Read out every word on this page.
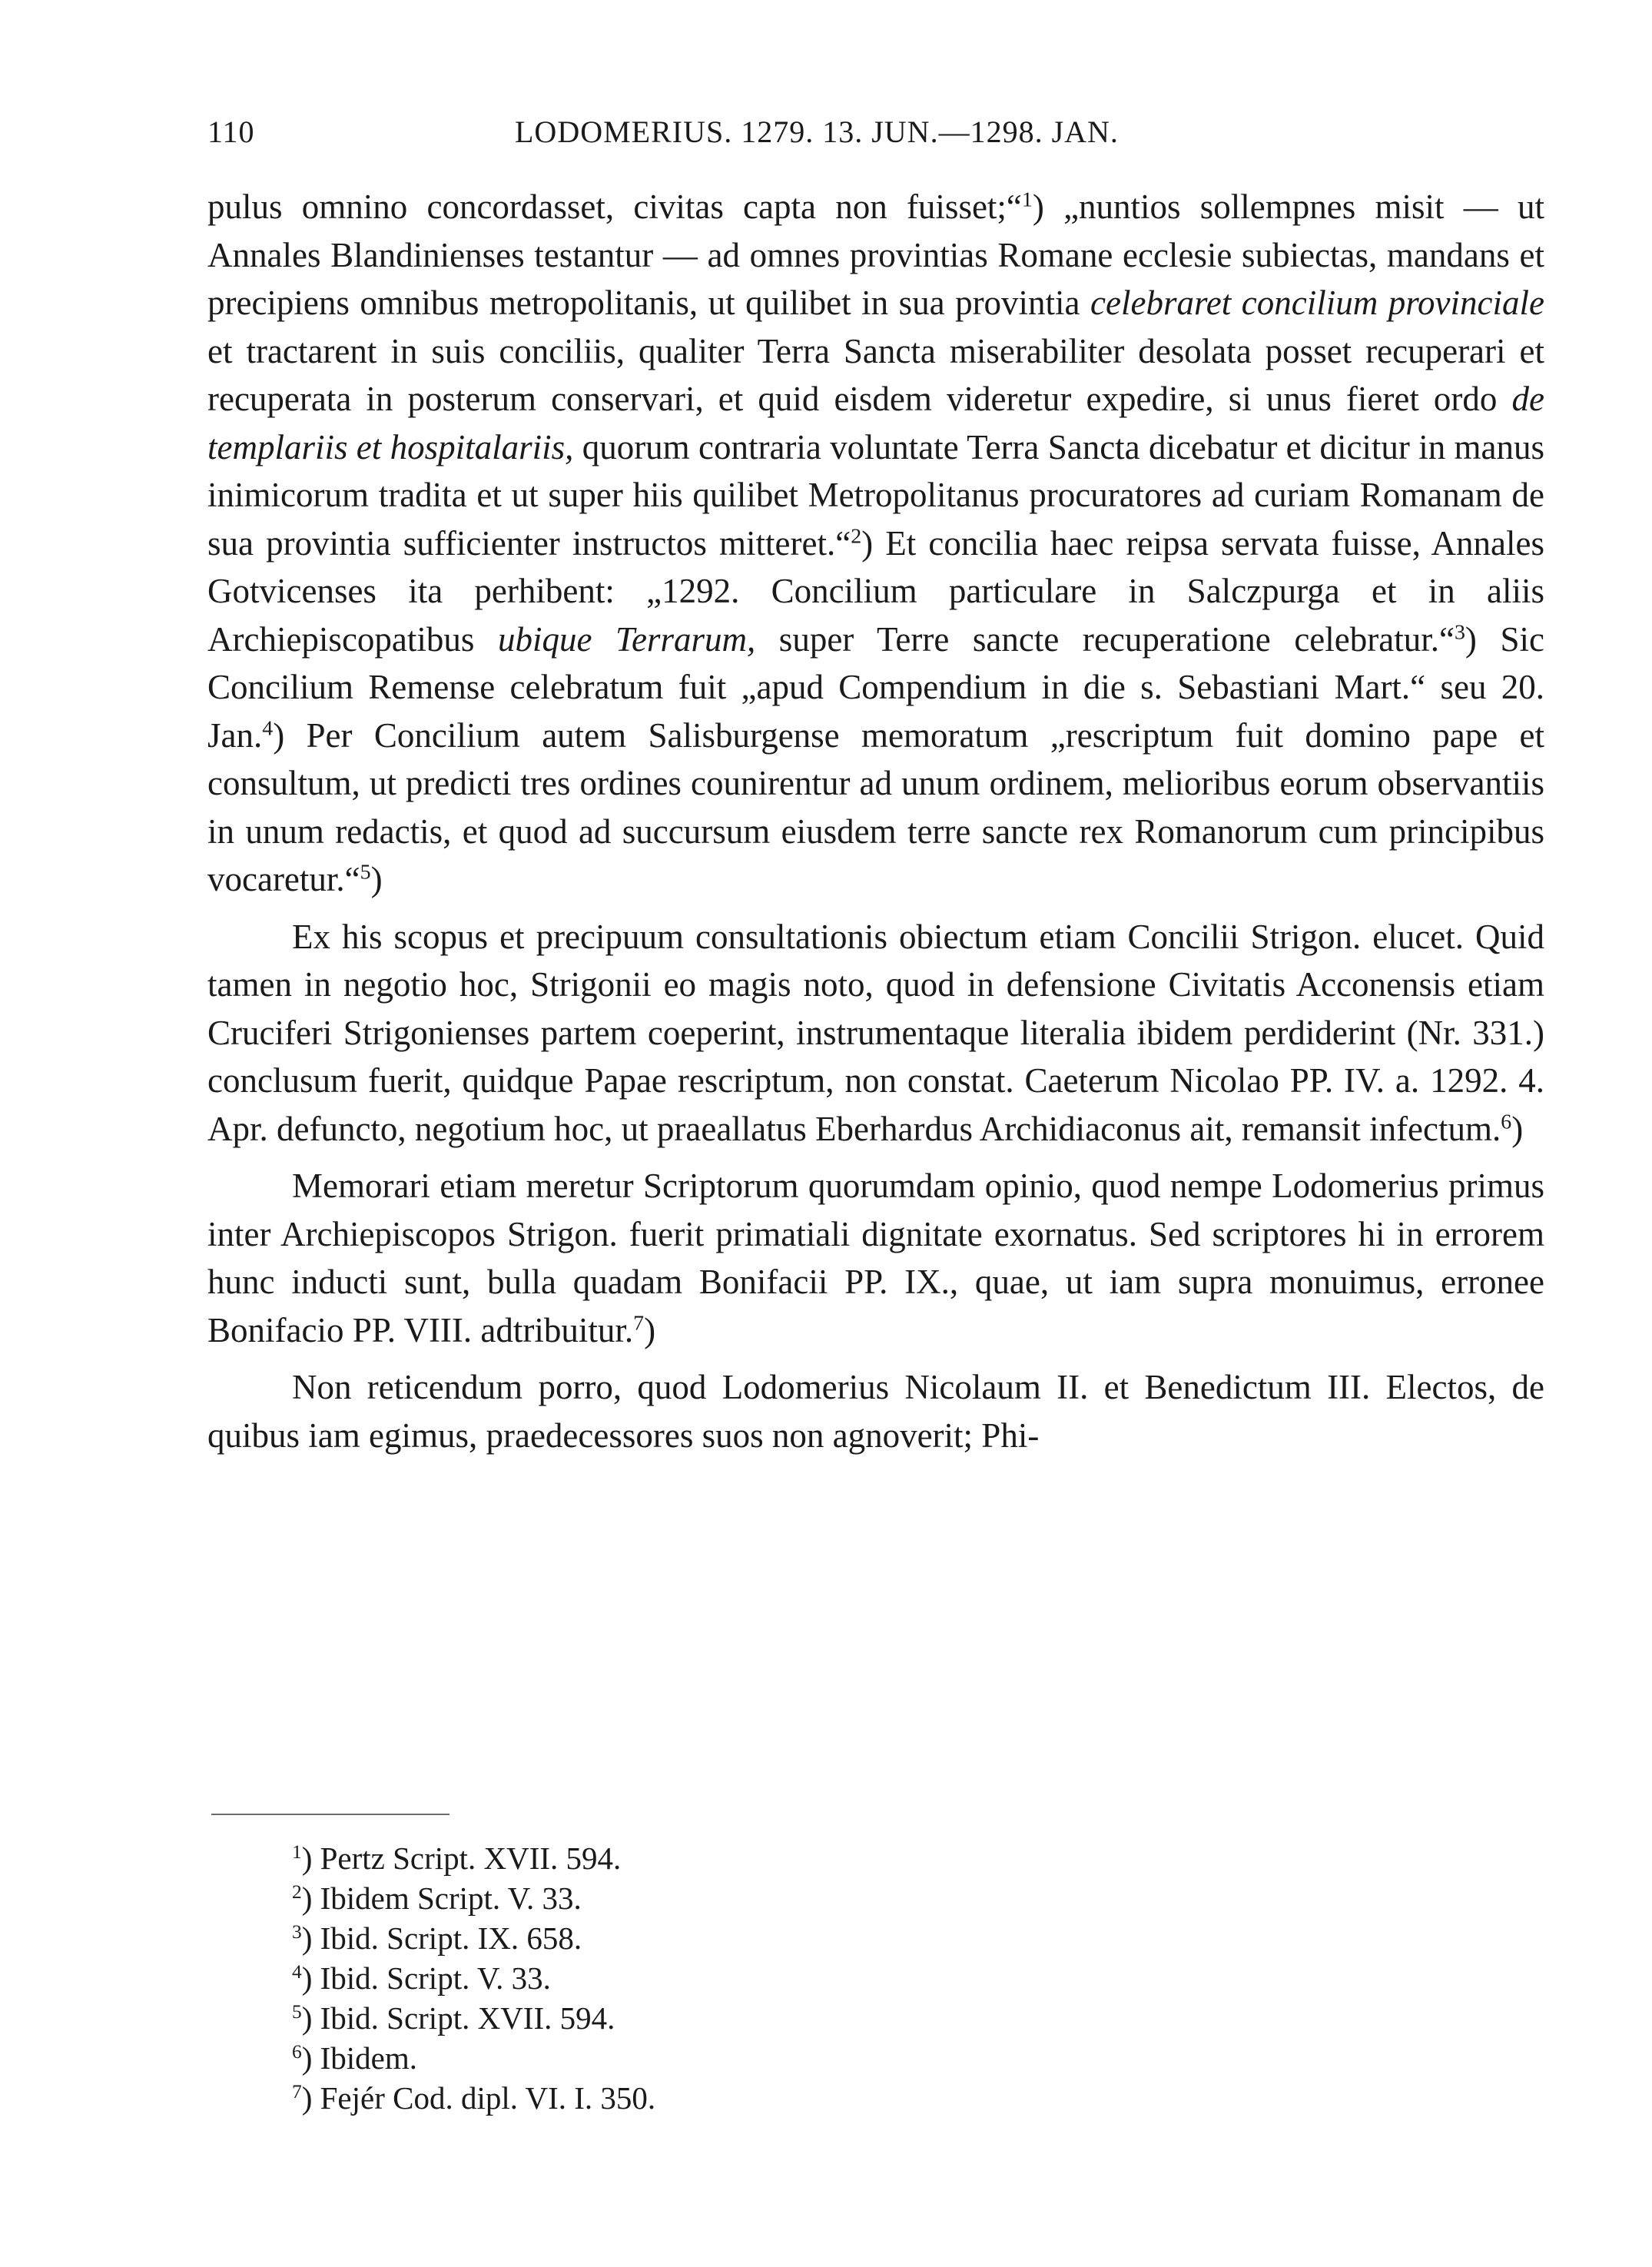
110	LODOMERIUS. 1279. 13. JUN.—1298. JAN.

pulus omnino concordasset, civitas capta non fuisset;“$^1$) „nuntios sollempnes misit — ut Annales Blandinienses testantur — ad omnes provintias Romane ecclesie subiectas, mandans et precipiens omnibus metropolitanis, ut quilibet in sua provintia celebraret concilium provinciale et tractarent in suis conciliis, qualiter Terra Sancta miserabiliter desolata posset recuperari et recuperata in posterum conservari, et quid eisdem videretur expedire, si unus fieret ordo de templariis et hospitalariis, quorum contraria voluntate Terra Sancta dicebatur et dicitur in manus inimicorum tradita et ut super hiis quilibet Metropolitanus procuratores ad curiam Romanam de sua provintia sufficienter instructos mitteret.“$^2$) Et concilia haec reipsa servata fuisse, Annales Gotvicenses ita perhibent: „1292. Concilium particulare in Salczpurga et in aliis Archiepiscopatibus ubique Terrarum, super Terre sancte recuperatione celebratur.“$^3$) Sic Concilium Remense celebratum fuit „apud Compendium in die s. Sebastiani Mart.“ seu 20. Jan.$^4$) Per Concilium autem Salisburgense memoratum „rescriptum fuit domino pape et consultum, ut predicti tres ordines counirentur ad unum ordinem, melioribus eorum observantiis in unum redactis, et quod ad succursum eiusdem terre sancte rex Romanorum cum principibus vocaretur.“$^5$)

Ex his scopus et precipuum consultationis obiectum etiam Concilii Strigon. elucet. Quid tamen in negotio hoc, Strigonii eo magis noto, quod in defensione Civitatis Acconensis etiam Cruciferi Strigonienses partem coeperint, instrumentaque literalia ibidem perdiderint (Nr. 331.) conclusum fuerit, quidque Papae rescriptum, non constat. Caeterum Nicolao PP. IV. a. 1292. 4. Apr. defuncto, negotium hoc, ut praeallatus Eberhardus Archidiaconus ait, remansit infectum.$^6$)

Memorari etiam meretur Scriptorum quorumdam opinio, quod nempe Lodomerius primus inter Archiepiscopos Strigon. fuerit primatiali dignitate exornatus. Sed scriptores hi in errorem hunc inducti sunt, bulla quadam Bonifacii PP. IX., quae, ut iam supra monuimus, erronee Bonifacio PP. VIII. adtribuitur.$^7$)

Non reticendum porro, quod Lodomerius Nicolaum II. et Benedictum III. Electos, de quibus iam egimus, praedecessores suos non agnoverit; Phi-

$^1$) Pertz Script. XVII. 594.
$^2$) Ibidem Script. V. 33.
$^3$) Ibid. Script. IX. 658.
$^4$) Ibid. Script. V. 33.
$^5$) Ibid. Script. XVII. 594.
$^6$) Ibidem.
$^7$) Fejér Cod. dipl. VI. I. 350.
